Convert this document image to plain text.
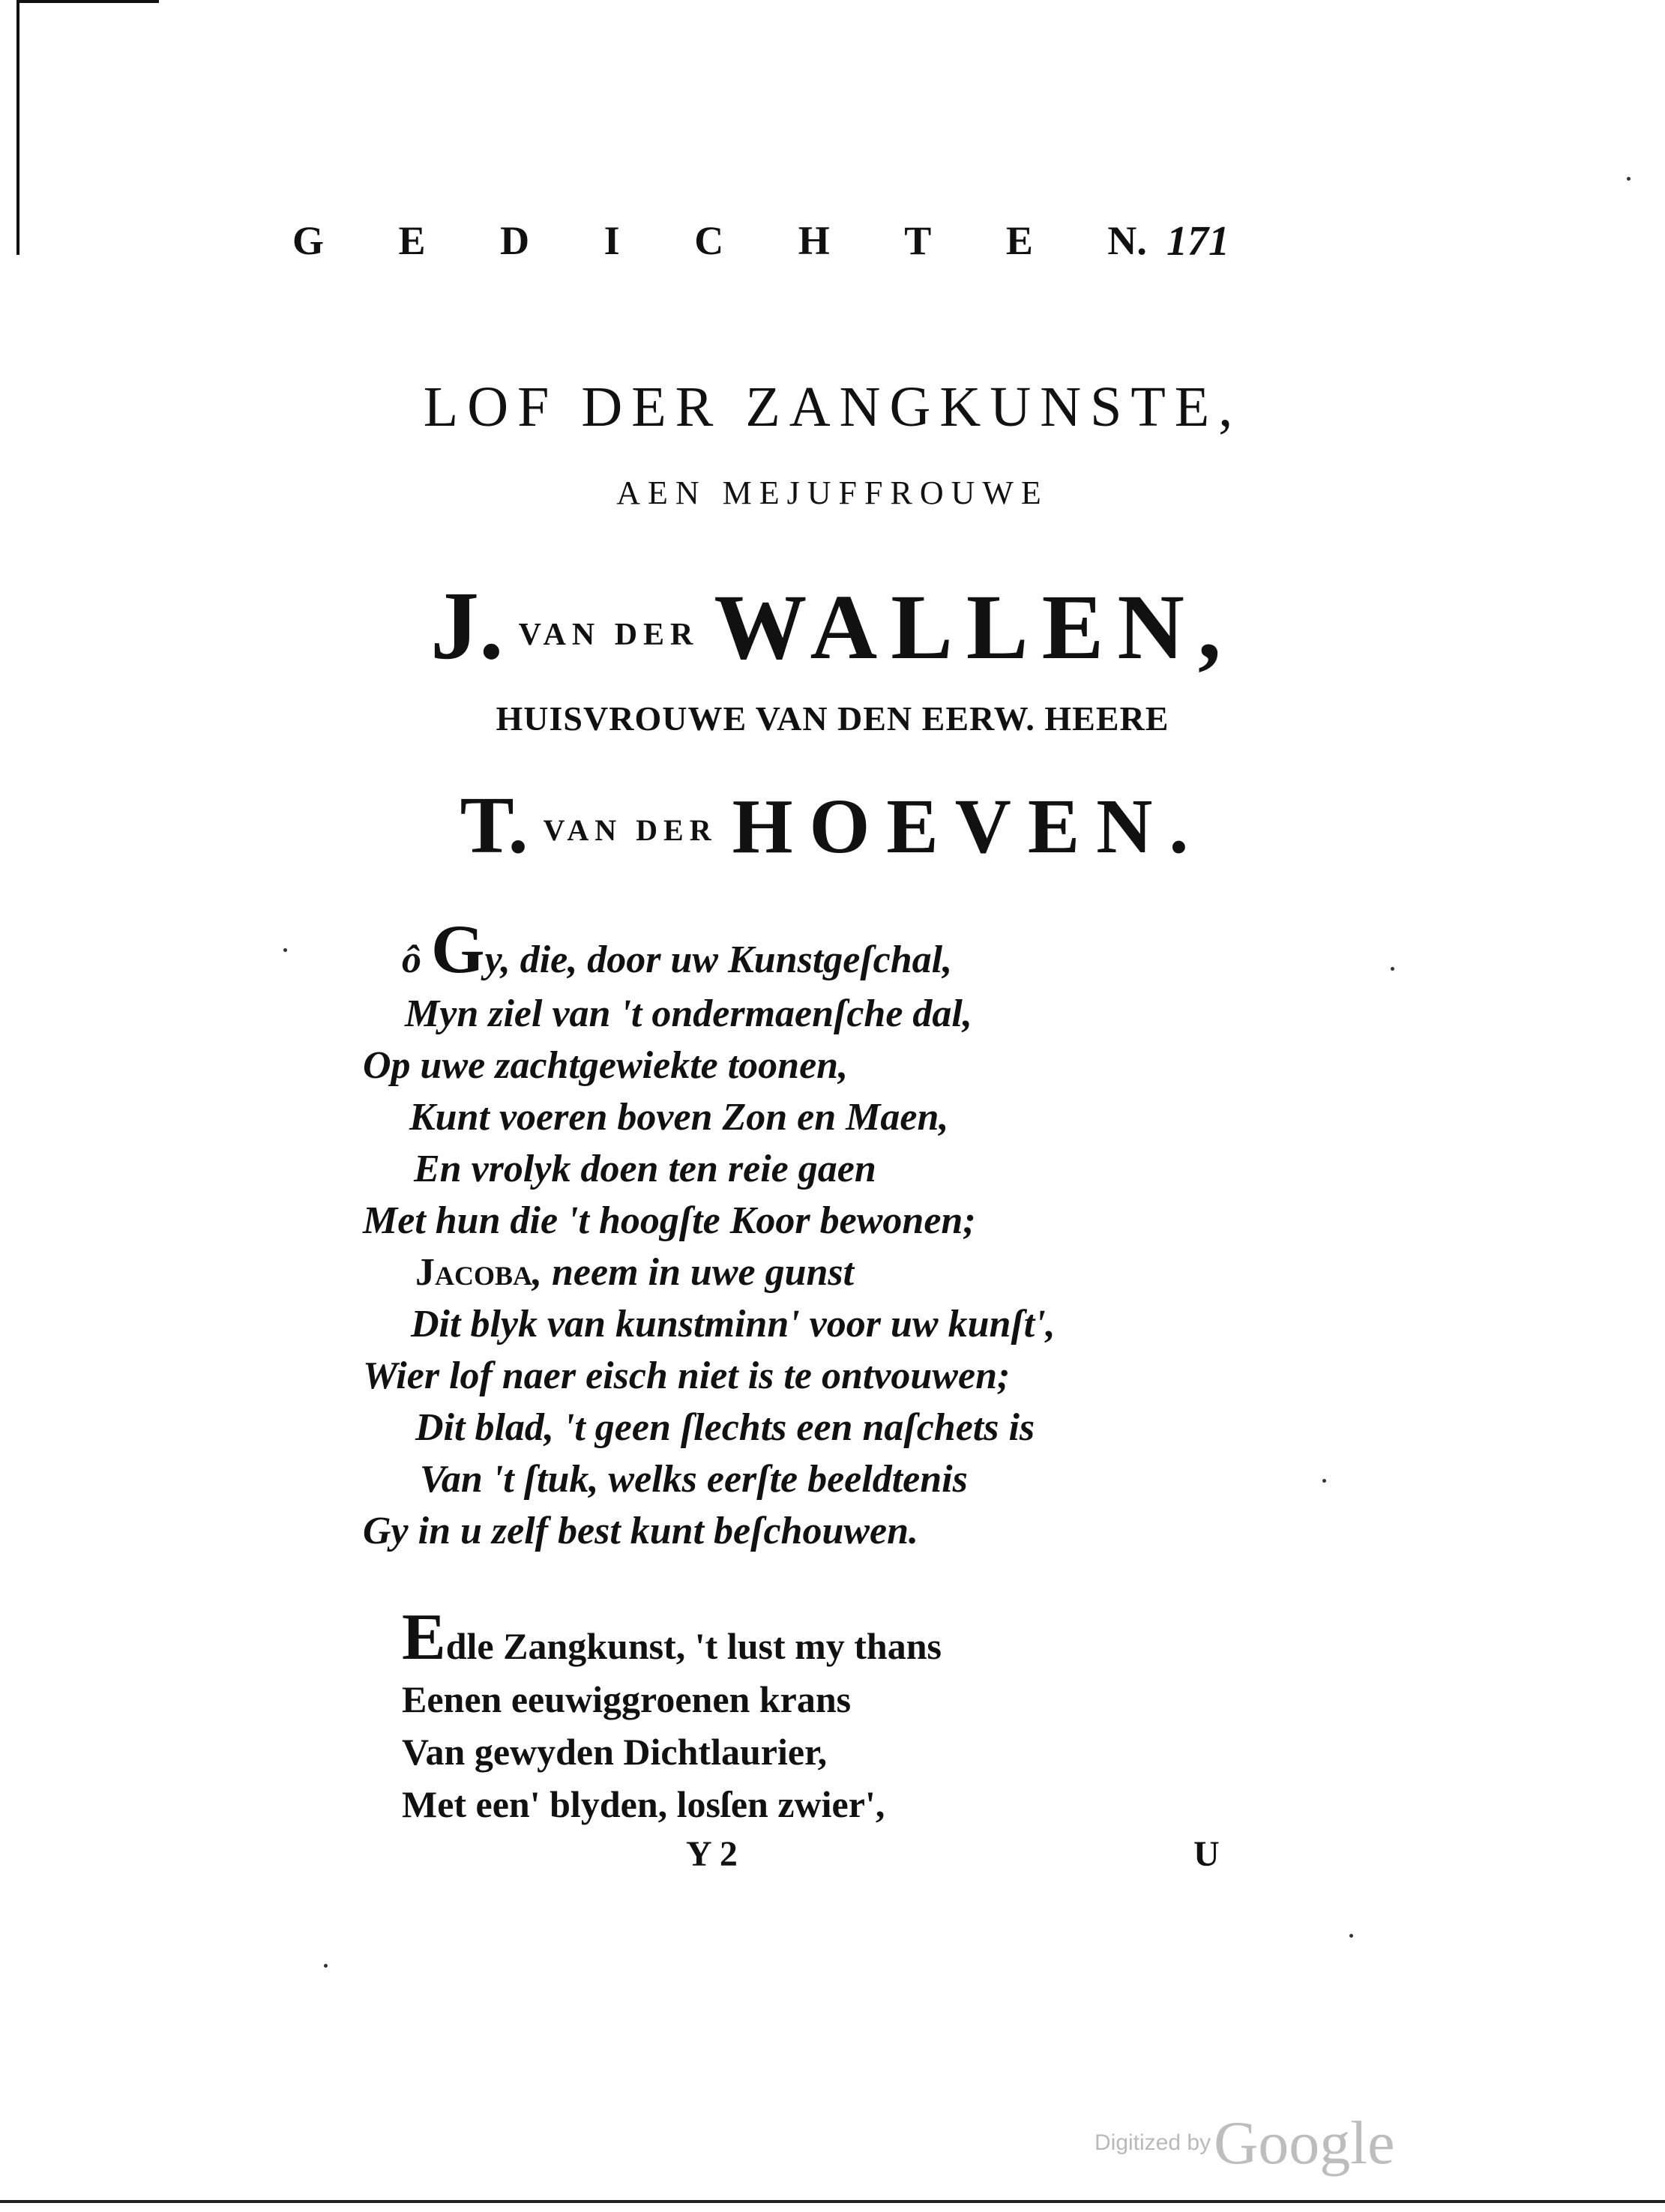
G E D I C H T E N. 171
LOF DER ZANGKUNSTE,
AEN MEJUFFROUWE
J. VAN DER WALLEN,
HUISVROUWE VAN DEN EERW. HEERE
T. VAN DER HOEVEN.
ô Gy, die, door uw Kunstgeſchal,
Myn ziel van 't ondermaenſche dal,
Op uwe zachtgewiekte toonen,
Kunt voeren boven Zon en Maen,
En vrolyk doen ten reie gaen
Met hun die 't hoogſte Koor bewonen;
Jacoba, neem in uwe gunst
Dit blyk van kunstminn' voor uw kunſt',
Wier lof naer eisch niet is te ontvouwen;
Dit blad, 't geen ſlechts een naſchets is
Van 't ſtuk, welks eerſte beeldtenis
Gy in u zelf best kunt beſchouwen.
Edle Zangkunst, 't lust my thans
Eenen eeuwiggroenen krans
Van gewyden Dichtlaurier,
Met een' blyden, losſen zwier',
Y 2	U
Digitized by Google
